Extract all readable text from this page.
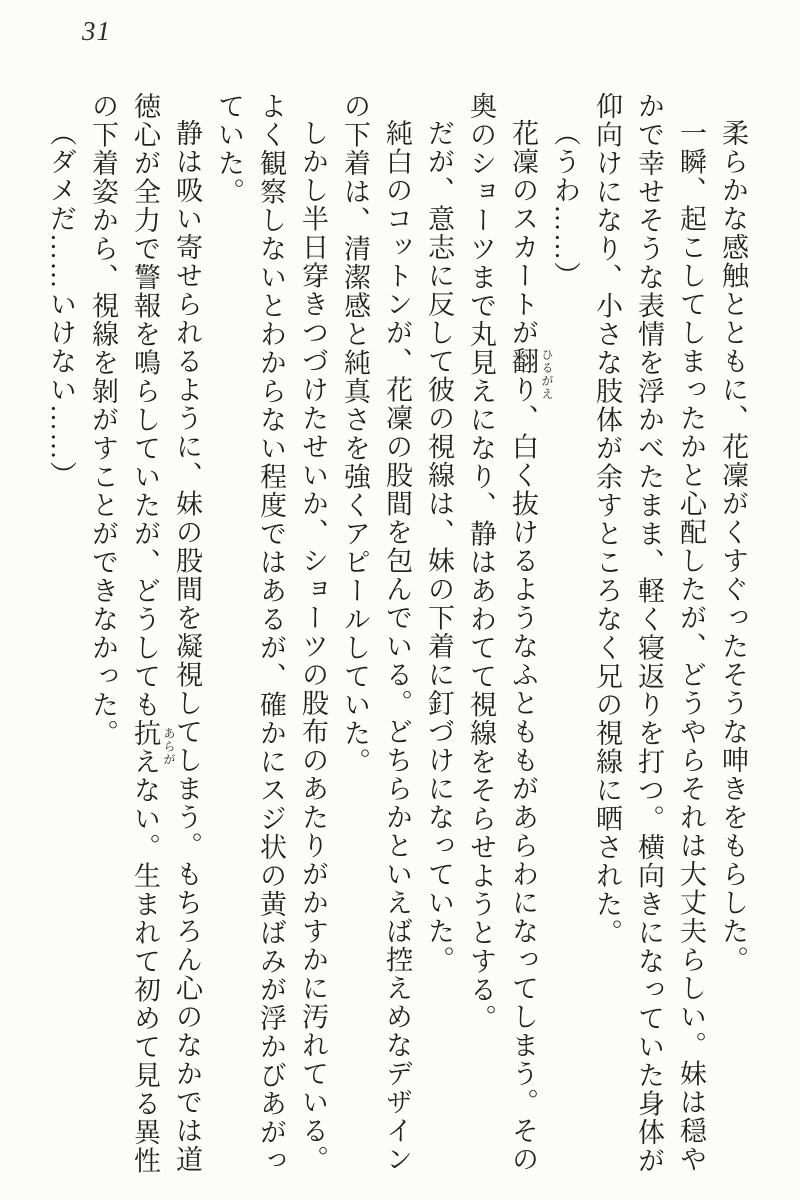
31

柔らかな感触とともに、花凜がくすぐったそうな呻きをもらした。

一瞬、起こしてしまったかと心配したが、どうやらそれは大丈夫らしい。妹は穏やかで幸せそうな表情を浮かべたまま、軽く寝返りを打つ。横向きになっていた身体が仰向けになり、小さな肢体が余すところなく兄の視線に晒された。

（うわ……）

花凜のスカートが翻 ひるがえ
り、白く抜けるようなふとももがあらわになってしまう。その奥のショーツまで丸見えになり、静はあわてて視線をそらせようとする。

だが、意志に反して彼の視線は、妹の下着に釘づけになっていた。

純白のコットンが、花凜の股間を包んでいる。どちらかといえば控えめなデザインの下着は、清潔感と純真さを強くアピールしていた。

しかし半日穿きつづけたせいか、ショーツの股布のあたりがかすかに汚れている。よく観察しないとわからない程度ではあるが、確かにスジ状の黄ばみが浮かびあがっていた。

静は吸い寄せられるように、妹の股間を凝視してしまう。もちろん心のなかでは道徳心が全力で警報を鳴らしていたが、どうしても抗 あらが
えない。生まれて初めて見る異性の下着姿から、視線を剝がすことができなかった。

（ダメだ……いけない……）
